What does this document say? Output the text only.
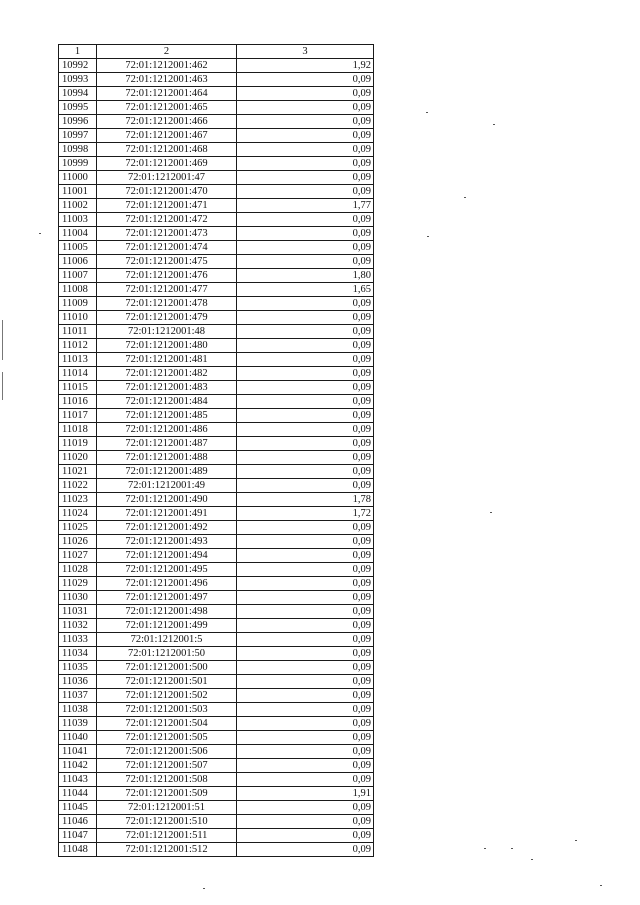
1	2	3
10992	72:01:1212001:462	1,92
10993	72:01:1212001:463	0,09
10994	72:01:1212001:464	0,09
10995	72:01:1212001:465	0,09
10996	72:01:1212001:466	0,09
10997	72:01:1212001:467	0,09
10998	72:01:1212001:468	0,09
10999	72:01:1212001:469	0,09
11000	72:01:1212001:47	0,09
11001	72:01:1212001:470	0,09
11002	72:01:1212001:471	1,77
11003	72:01:1212001:472	0,09
11004	72:01:1212001:473	0,09
11005	72:01:1212001:474	0,09
11006	72:01:1212001:475	0,09
11007	72:01:1212001:476	1,80
11008	72:01:1212001:477	1,65
11009	72:01:1212001:478	0,09
11010	72:01:1212001:479	0,09
11011	72:01:1212001:48	0,09
11012	72:01:1212001:480	0,09
11013	72:01:1212001:481	0,09
11014	72:01:1212001:482	0,09
11015	72:01:1212001:483	0,09
11016	72:01:1212001:484	0,09
11017	72:01:1212001:485	0,09
11018	72:01:1212001:486	0,09
11019	72:01:1212001:487	0,09
11020	72:01:1212001:488	0,09
11021	72:01:1212001:489	0,09
11022	72:01:1212001:49	0,09
11023	72:01:1212001:490	1,78
11024	72:01:1212001:491	1,72
11025	72:01:1212001:492	0,09
11026	72:01:1212001:493	0,09
11027	72:01:1212001:494	0,09
11028	72:01:1212001:495	0,09
11029	72:01:1212001:496	0,09
11030	72:01:1212001:497	0,09
11031	72:01:1212001:498	0,09
11032	72:01:1212001:499	0,09
11033	72:01:1212001:5	0,09
11034	72:01:1212001:50	0,09
11035	72:01:1212001:500	0,09
11036	72:01:1212001:501	0,09
11037	72:01:1212001:502	0,09
11038	72:01:1212001:503	0,09
11039	72:01:1212001:504	0,09
11040	72:01:1212001:505	0,09
11041	72:01:1212001:506	0,09
11042	72:01:1212001:507	0,09
11043	72:01:1212001:508	0,09
11044	72:01:1212001:509	1,91
11045	72:01:1212001:51	0,09
11046	72:01:1212001:510	0,09
11047	72:01:1212001:511	0,09
11048	72:01:1212001:512	0,09
